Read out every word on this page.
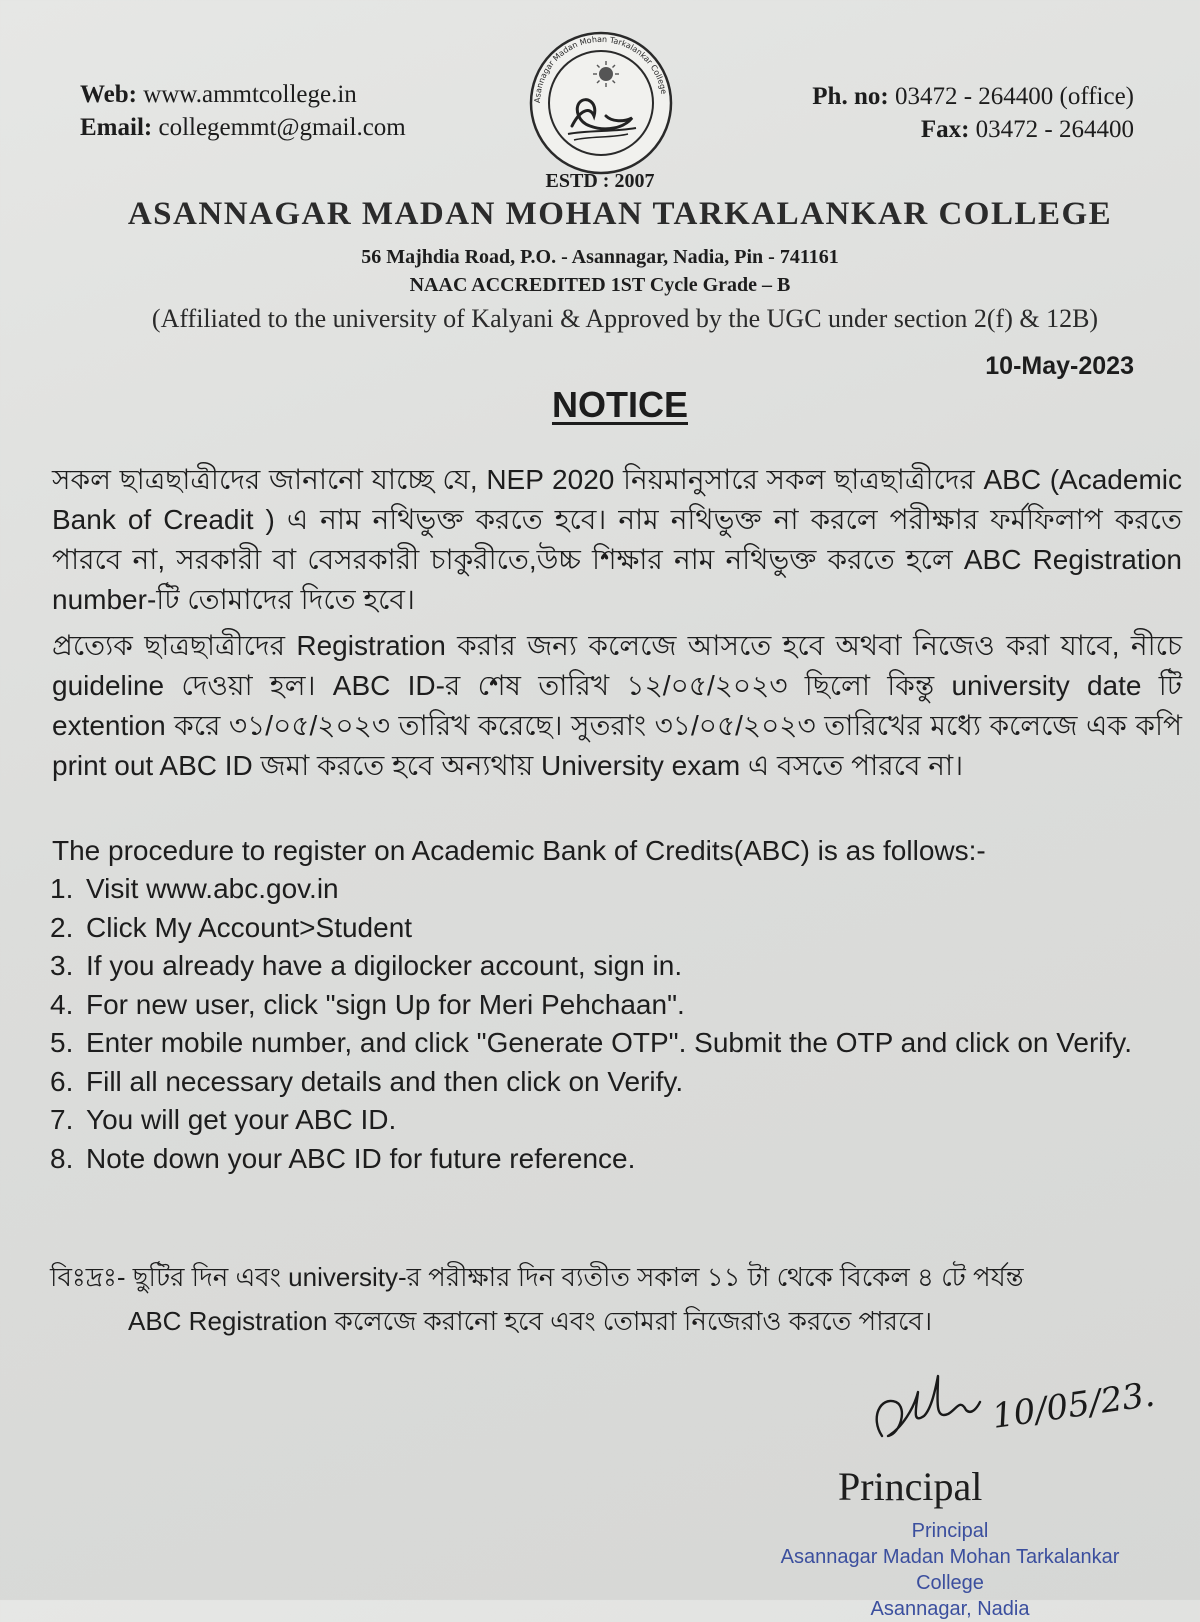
Web: www.ammtcollege.in
Email: collegemmt@gmail.com
Ph. no: 03472 - 264400 (office)
Fax: 03472 - 264400
Asannagar Madan Mohan Tarkalankar College
ESTD : 2007
ASANNAGAR MADAN MOHAN TARKALANKAR COLLEGE
56 Majhdia Road, P.O. - Asannagar, Nadia, Pin - 741161
NAAC ACCREDITED 1ST Cycle Grade – B
(Affiliated to the university of Kalyani & Approved by the UGC under section 2(f) & 12B)
10-May-2023
NOTICE
সকল ছাত্রছাত্রীদের জানানো যাচ্ছে যে, NEP 2020 নিয়মানুসারে সকল ছাত্রছাত্রীদের ABC (Academic Bank of Creadit ) এ নাম নথিভুক্ত করতে হবে। নাম নথিভুক্ত না করলে পরীক্ষার ফর্মফিলাপ করতে পারবে না, সরকারী বা বেসরকারী চাকুরীতে,উচ্চ শিক্ষার নাম নথিভুক্ত করতে হলে ABC Registration number-টি তোমাদের দিতে হবে।
প্রত্যেক ছাত্রছাত্রীদের Registration করার জন্য কলেজে আসতে হবে অথবা নিজেও করা যাবে, নীচে guideline দেওয়া হল। ABC ID-র শেষ তারিখ ১২/০৫/২০২৩ ছিলো কিন্তু university date টি extention করে ৩১/০৫/২০২৩ তারিখ করেছে। সুতরাং ৩১/০৫/২০২৩ তারিখের মধ্যে কলেজে এক কপি print out ABC ID জমা করতে হবে অন্যথায় University exam এ বসতে পারবে না।
The procedure to register on Academic Bank of Credits(ABC) is as follows:-
1. Visit www.abc.gov.in
2. Click My Account>Student
3. If you already have a digilocker account, sign in.
4. For new user, click "sign Up for Meri Pehchaan".
5. Enter mobile number, and click "Generate OTP". Submit the OTP and click on Verify.
6. Fill all necessary details and then click on Verify.
7. You will get your ABC ID.
8. Note down your ABC ID for future reference.
বিঃদ্রঃ- ছুটির দিন এবং university-র পরীক্ষার দিন ব্যতীত সকাল ১১ টা থেকে বিকেল ৪ টে পর্যন্ত
ABC Registration কলেজে করানো হবে এবং তোমরা নিজেরাও করতে পারবে।
10/05/23.
Principal
Principal
Asannagar Madan Mohan Tarkalankar College
Asannagar, Nadia
